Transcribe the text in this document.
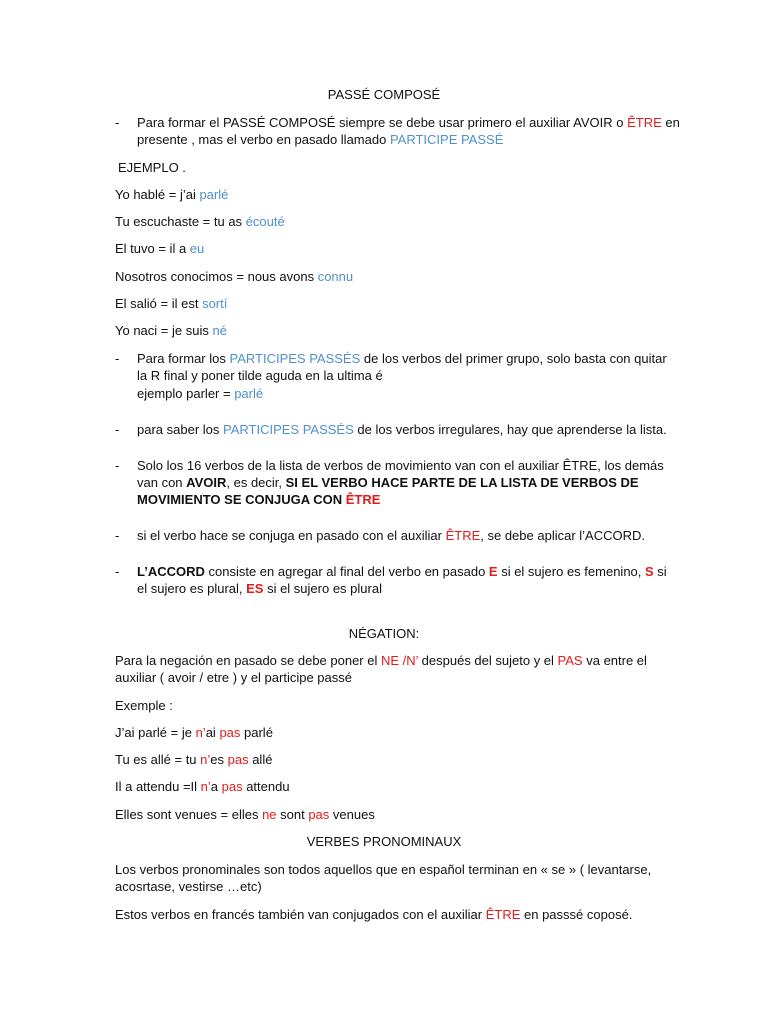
PASSÉ COMPOSÉ
- Para formar el PASSÉ COMPOSÉ siempre se debe usar primero el auxiliar AVOIR o ÊTRE en
presente , mas el verbo en pasado llamado PARTICIPE PASSÉ
EJEMPLO .
Yo hablé = j’ai parlé
Tu escuchaste = tu as écouté
El tuvo = il a eu
Nosotros conocimos = nous avons connu
El salió = il est sortí
Yo naci = je suis né
- Para formar los PARTICIPES PASSÉS de los verbos del primer grupo, solo basta con quitar
la R final y poner tilde aguda en la ultima é
ejemplo parler = parlé
- para saber los PARTICIPES PASSÉS de los verbos irregulares, hay que aprenderse la lista.
- Solo los 16 verbos de la lista de verbos de movimiento van con el auxiliar ÊTRE, los demás
van con AVOIR, es decir, SI EL VERBO HACE PARTE DE LA LISTA DE VERBOS DE
MOVIMIENTO SE CONJUGA CON ÊTRE
- si el verbo hace se conjuga en pasado con el auxiliar ÊTRE, se debe aplicar l’ACCORD.
- L’ACCORD consiste en agregar al final del verbo en pasado E si el sujero es femenino, S si
el sujero es plural, ES si el sujero es plural
NÉGATION:
Para la negación en pasado se debe poner el NE /N’ después del sujeto y el PAS va entre el
auxiliar ( avoir / etre ) y el participe passé
Exemple :
J’ai parlé = je n’ai pas parlé
Tu es allé = tu n’es pas allé
Il a attendu =Il n’a pas attendu
Elles sont venues = elles ne sont pas venues
VERBES PRONOMINAUX
Los verbos pronominales son todos aquellos que en español terminan en « se » ( levantarse,
acosrtase, vestirse …etc)
Estos verbos en francés también van conjugados con el auxiliar ÊTRE en passsé coposé.
